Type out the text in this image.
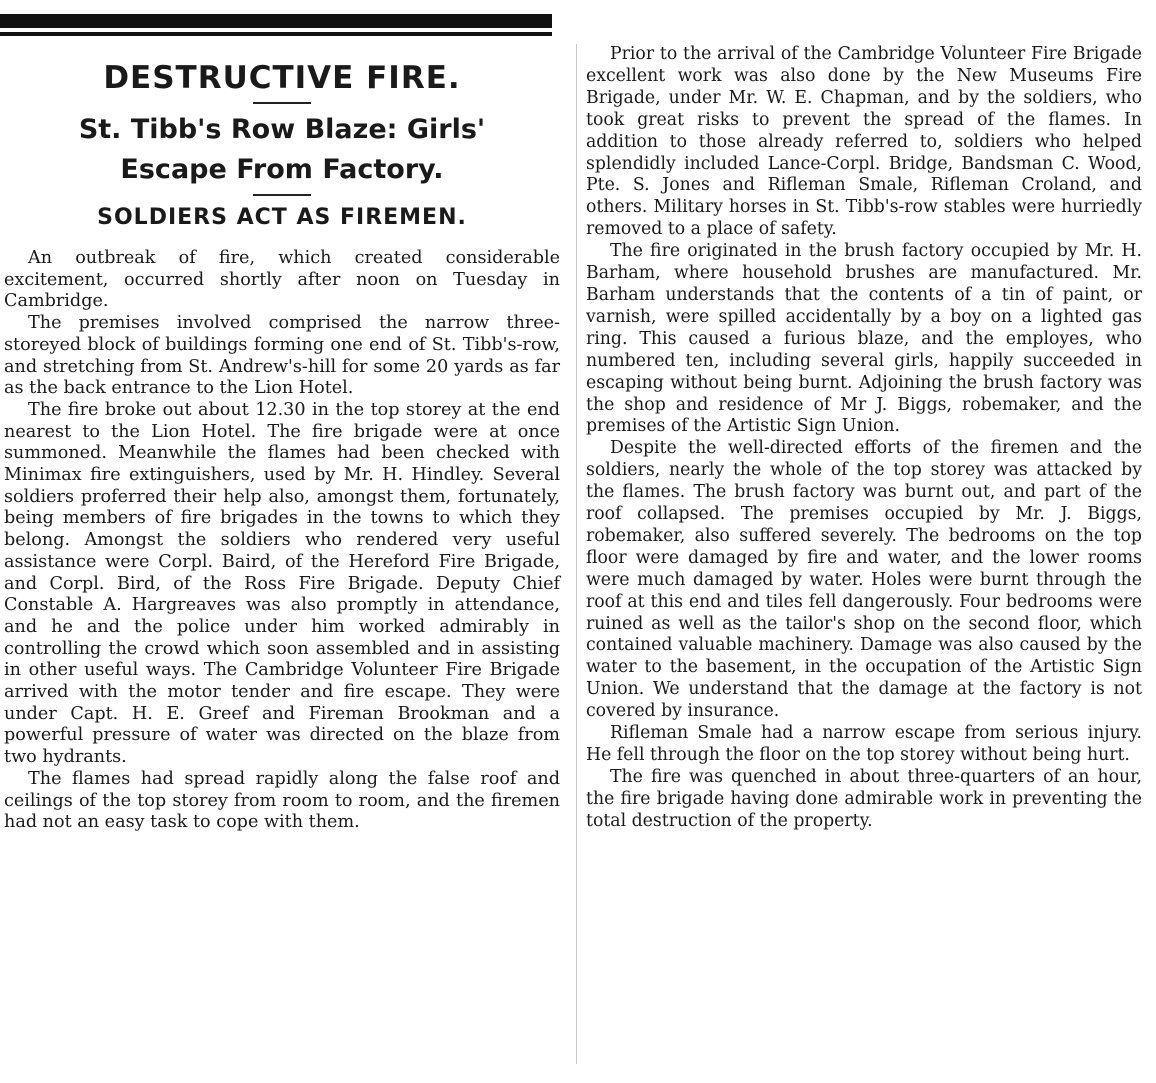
DESTRUCTIVE FIRE.
St. Tibb's Row Blaze: Girls'
Escape From Factory.
SOLDIERS ACT AS FIREMEN.

An outbreak of fire, which created considerable excitement, occurred shortly after noon on Tuesday in Cambridge.

The premises involved comprised the narrow three-storeyed block of buildings forming one end of St. Tibb's-row, and stretching from St. Andrew's-hill for some 20 yards as far as the back entrance to the Lion Hotel.

The fire broke out about 12.30 in the top storey at the end nearest to the Lion Hotel. The fire brigade were at once summoned. Meanwhile the flames had been checked with Minimax fire extinguishers, used by Mr. H. Hindley. Several soldiers proferred their help also, amongst them, fortunately, being members of fire brigades in the towns to which they belong. Amongst the soldiers who rendered very useful assistance were Corpl. Baird, of the Hereford Fire Brigade, and Corpl. Bird, of the Ross Fire Brigade. Deputy Chief Constable A. Hargreaves was also promptly in attendance, and he and the police under him worked admirably in controlling the crowd which soon assembled and in assisting in other useful ways. The Cambridge Volunteer Fire Brigade arrived with the motor tender and fire escape. They were under Capt. H. E. Greef and Fireman Brookman and a powerful pressure of water was directed on the blaze from two hydrants.

The flames had spread rapidly along the false roof and ceilings of the top storey from room to room, and the firemen had not an easy task to cope with them.

Prior to the arrival of the Cambridge Volunteer Fire Brigade excellent work was also done by the New Museums Fire Brigade, under Mr. W. E. Chapman, and by the soldiers, who took great risks to prevent the spread of the flames. In addition to those already referred to, soldiers who helped splendidly included Lance-Corpl. Bridge, Bandsman C. Wood, Pte. S. Jones and Rifleman Smale, Rifleman Croland, and others. Military horses in St. Tibb's-row stables were hurriedly removed to a place of safety.

The fire originated in the brush factory occupied by Mr. H. Barham, where household brushes are manufactured. Mr. Barham understands that the contents of a tin of paint, or varnish, were spilled accidentally by a boy on a lighted gas ring. This caused a furious blaze, and the employes, who numbered ten, including several girls, happily succeeded in escaping without being burnt. Adjoining the brush factory was the shop and residence of Mr J. Biggs, robemaker, and the premises of the Artistic Sign Union.

Despite the well-directed efforts of the firemen and the soldiers, nearly the whole of the top storey was attacked by the flames. The brush factory was burnt out, and part of the roof collapsed. The premises occupied by Mr. J. Biggs, robemaker, also suffered severely. The bedrooms on the top floor were damaged by fire and water, and the lower rooms were much damaged by water. Holes were burnt through the roof at this end and tiles fell dangerously. Four bedrooms were ruined as well as the tailor's shop on the second floor, which contained valuable machinery. Damage was also caused by the water to the basement, in the occupation of the Artistic Sign Union. We understand that the damage at the factory is not covered by insurance.

Rifleman Smale had a narrow escape from serious injury. He fell through the floor on the top storey without being hurt.

The fire was quenched in about three-quarters of an hour, the fire brigade having done admirable work in preventing the total destruction of the property.
